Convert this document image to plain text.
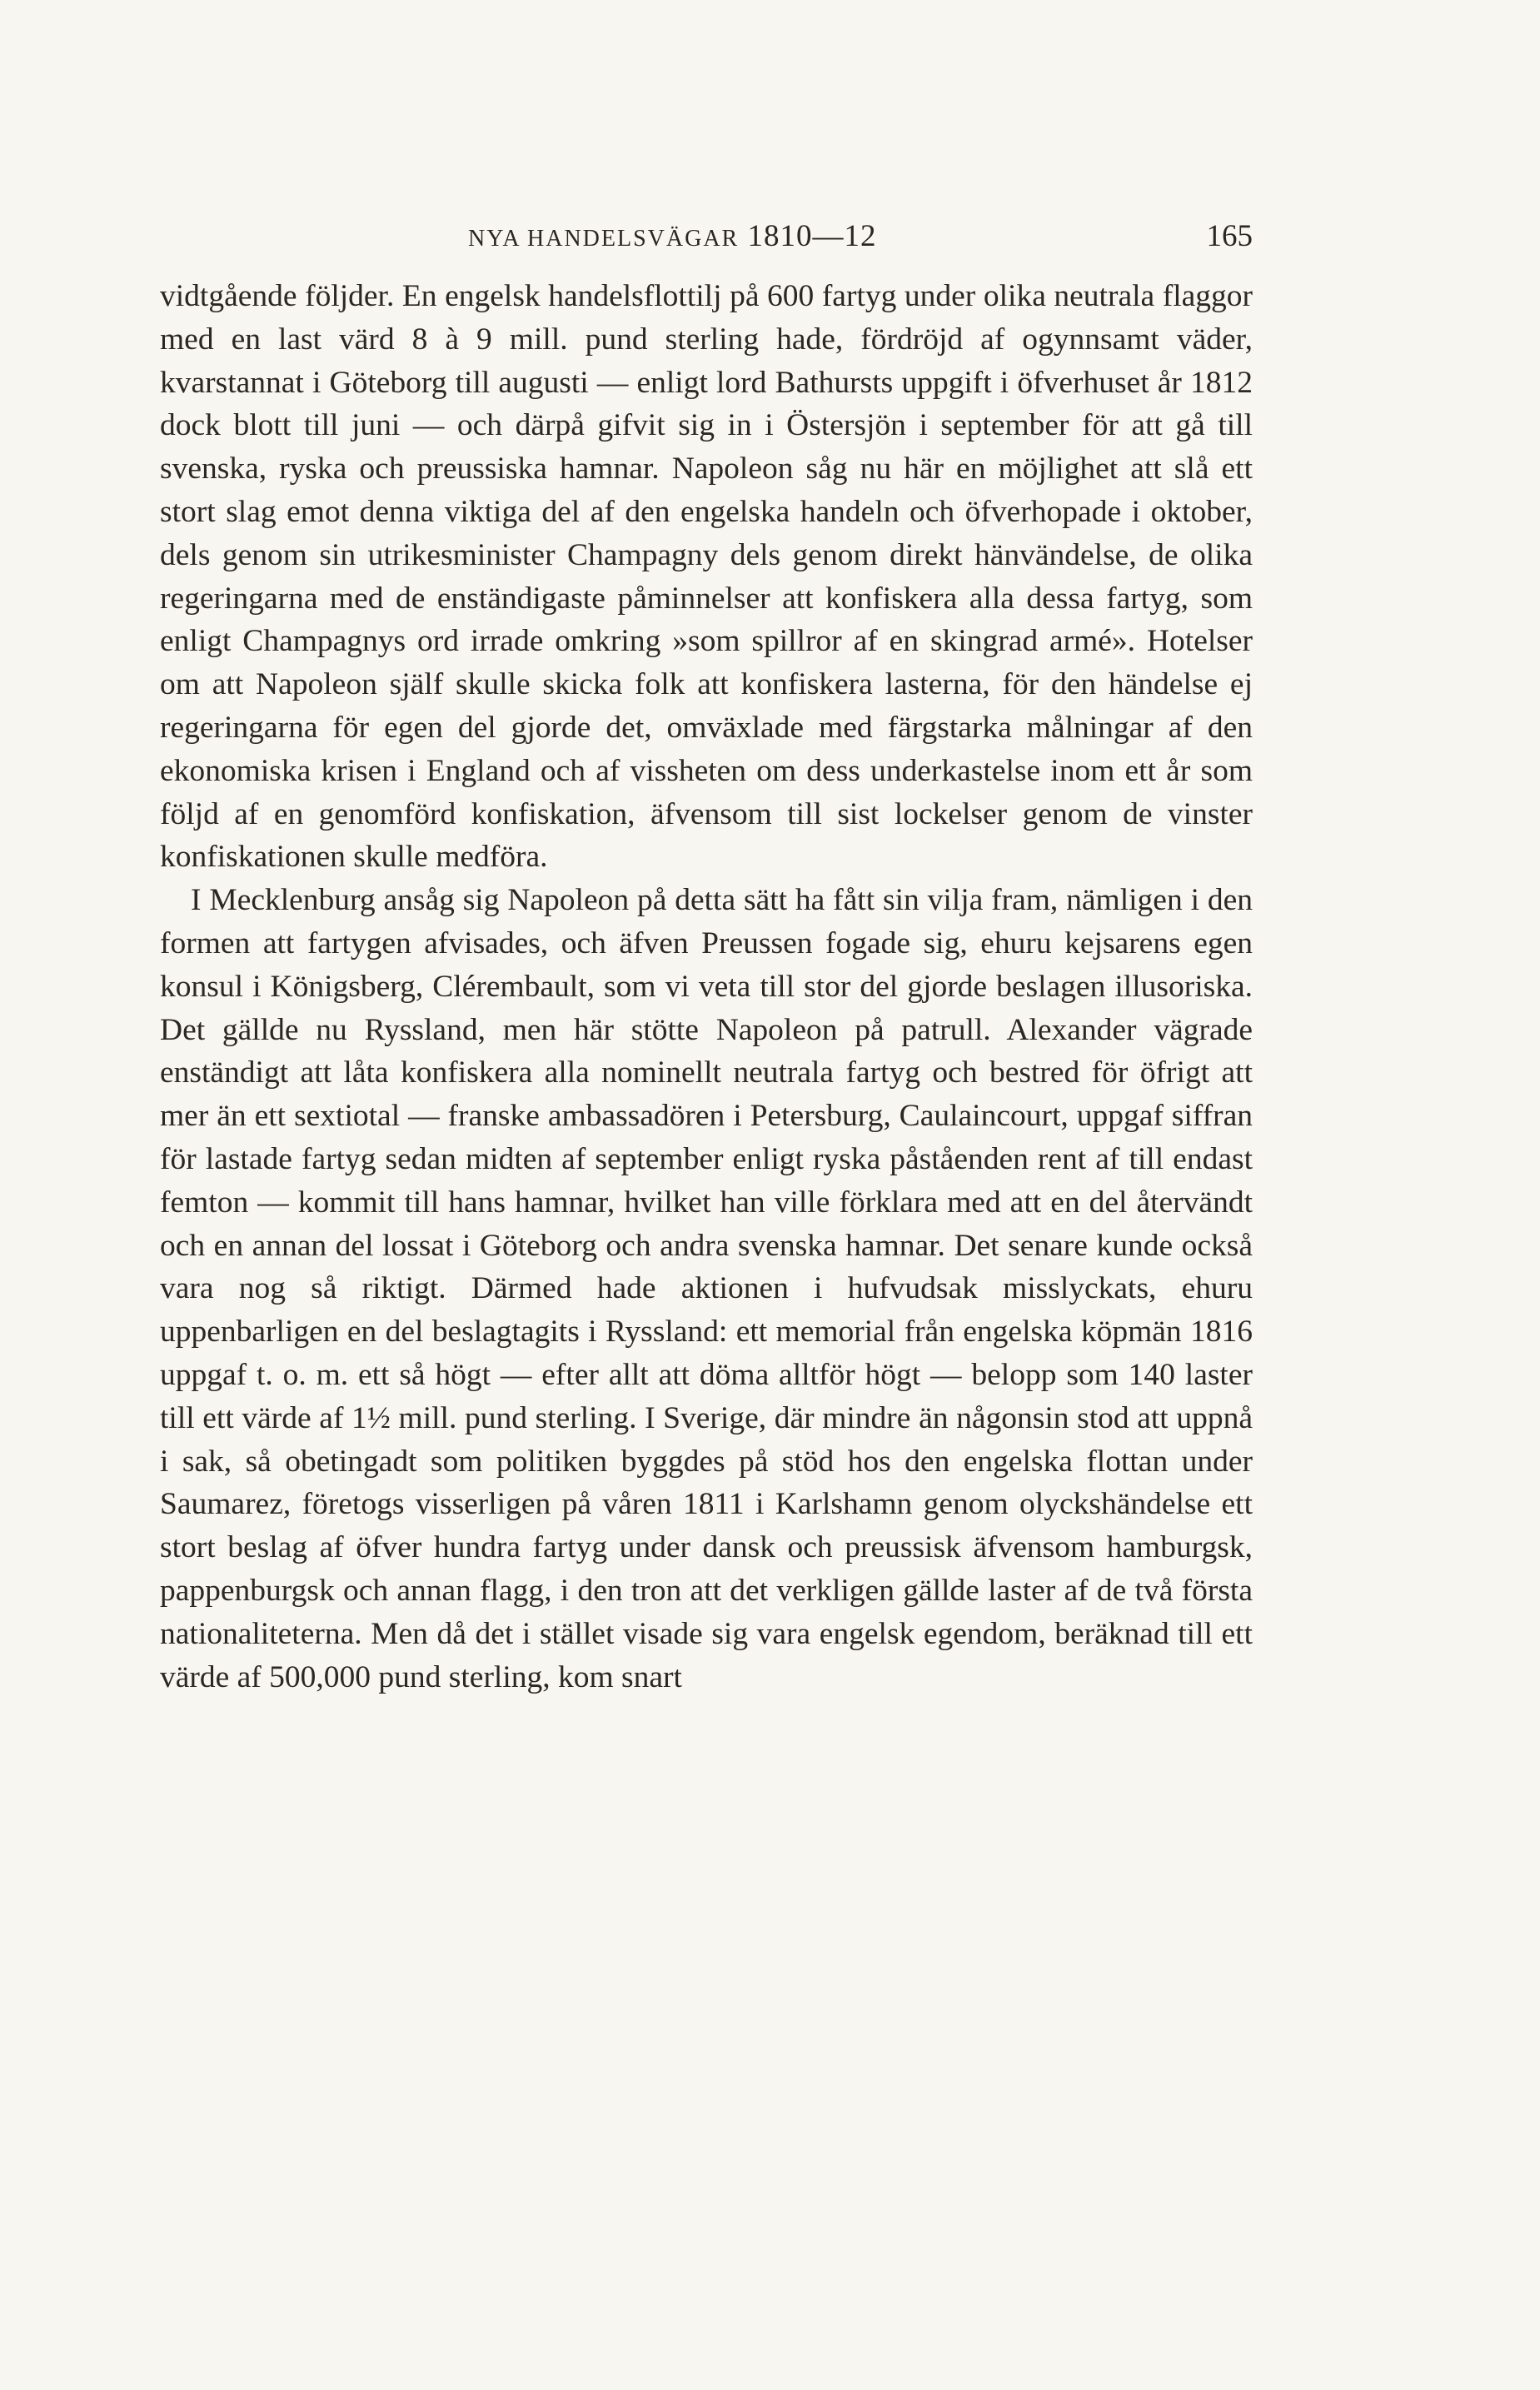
NYA HANDELSVÄGAR 1810—12	165

vidtgående följder. En engelsk handelsflottilj på 600 fartyg under olika neutrala flaggor med en last värd 8 à 9 mill. pund sterling hade, fördröjd af ogynnsamt väder, kvarstannat i Göteborg till augusti — enligt lord Bathursts uppgift i öfverhuset år 1812 dock blott till juni — och därpå gifvit sig in i Östersjön i september för att gå till svenska, ryska och preussiska hamnar. Napoleon såg nu här en möjlighet att slå ett stort slag emot denna viktiga del af den engelska handeln och öfverhopade i oktober, dels genom sin utrikesminister Champagny dels genom direkt hänvändelse, de olika regeringarna med de enständigaste påminnelser att konfiskera alla dessa fartyg, som enligt Champagnys ord irrade omkring »som spillror af en skingrad armé». Hotelser om att Napoleon själf skulle skicka folk att konfiskera lasterna, för den händelse ej regeringarna för egen del gjorde det, omväxlade med färgstarka målningar af den ekonomiska krisen i England och af vissheten om dess underkastelse inom ett år som följd af en genomförd konfiskation, äfvensom till sist lockelser genom de vinster konfiskationen skulle medföra.

I Mecklenburg ansåg sig Napoleon på detta sätt ha fått sin vilja fram, nämligen i den formen att fartygen afvisades, och äfven Preussen fogade sig, ehuru kejsarens egen konsul i Königsberg, Clérembault, som vi veta till stor del gjorde beslagen illusoriska. Det gällde nu Ryssland, men här stötte Napoleon på patrull. Alexander vägrade enständigt att låta konfiskera alla nominellt neutrala fartyg och bestred för öfrigt att mer än ett sextiotal — franske ambassadören i Petersburg, Caulaincourt, uppgaf siffran för lastade fartyg sedan midten af september enligt ryska påståenden rent af till endast femton — kommit till hans hamnar, hvilket han ville förklara med att en del återvändt och en annan del lossat i Göteborg och andra svenska hamnar. Det senare kunde också vara nog så riktigt. Därmed hade aktionen i hufvudsak misslyckats, ehuru uppenbarligen en del beslagtagits i Ryssland: ett memorial från engelska köpmän 1816 uppgaf t. o. m. ett så högt — efter allt att döma alltför högt — belopp som 140 laster till ett värde af 1½ mill. pund sterling. I Sverige, där mindre än någonsin stod att uppnå i sak, så obetingadt som politiken byggdes på stöd hos den engelska flottan under Saumarez, företogs visserligen på våren 1811 i Karlshamn genom olyckshändelse ett stort beslag af öfver hundra fartyg under dansk och preussisk äfvensom hamburgsk, pappenburgsk och annan flagg, i den tron att det verkligen gällde laster af de två första nationaliteterna. Men då det i stället visade sig vara engelsk egendom, beräknad till ett värde af 500,000 pund sterling, kom snart
